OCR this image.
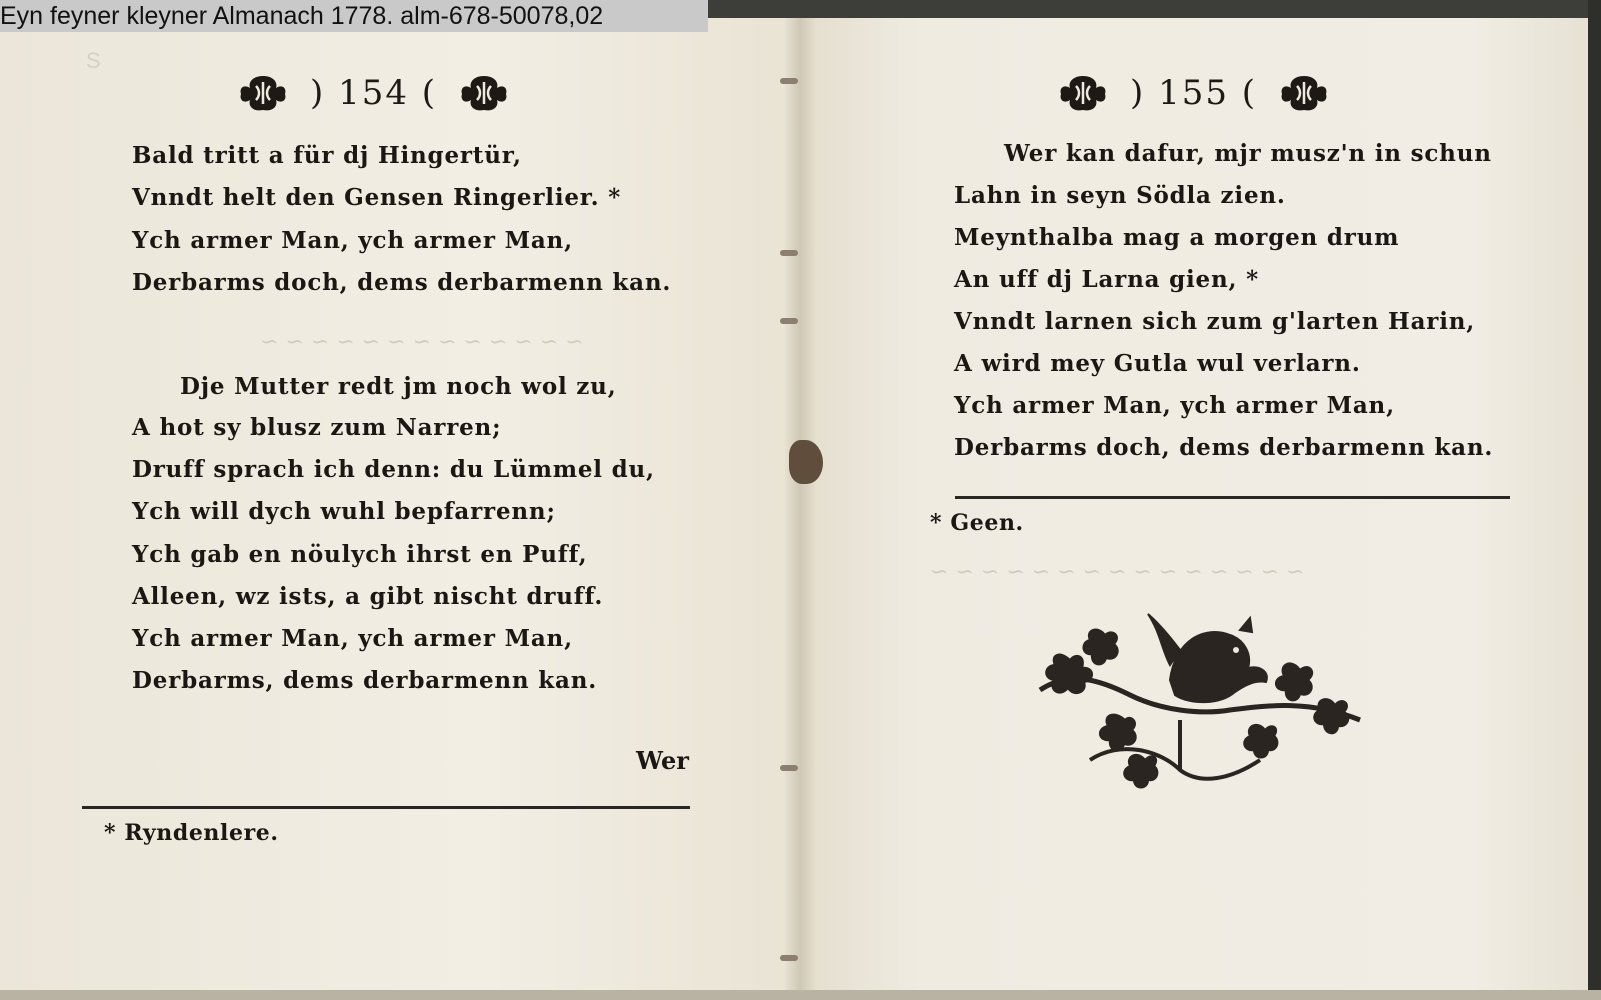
~ ~ ~ ~ ~ ~ ~ ~ ~ ~ ~ ~ ~
~ ~ ~ ~ ~ ~ ~ ~ ~ ~ ~ ~ ~ ~ ~
) 154 (
Bald tritt a für dj Hingertür,
Vnndt helt den Gensen Ringerlier. *
Ych armer Man, ych armer Man,
Derbarms doch, dems derbarmenn kan.
Dje Mutter redt jm noch wol zu,
A hot sy blusz zum Narren;
Druff sprach ich denn: du Lümmel du,
Ych will dych wuhl bepfarrenn;
Ych gab en nöulych ihrst en Puff,
Alleen, wz ists, a gibt nischt druff.
Ych armer Man, ych armer Man,
Derbarms, dems derbarmenn kan.
Wer
* Ryndenlere.
) 155 (
Wer kan dafur, mjr musz'n in schun
Lahn in seyn Södla zien.
Meynthalba mag a morgen drum
An uff dj Larna gien, *
Vnndt larnen sich zum g'larten Harin,
A wird mey Gutla wul verlarn.
Ych armer Man, ych armer Man,
Derbarms doch, dems derbarmenn kan.
* Geen.
Eyn feyner kleyner Almanach 1778. alm-678-50078,02
S
